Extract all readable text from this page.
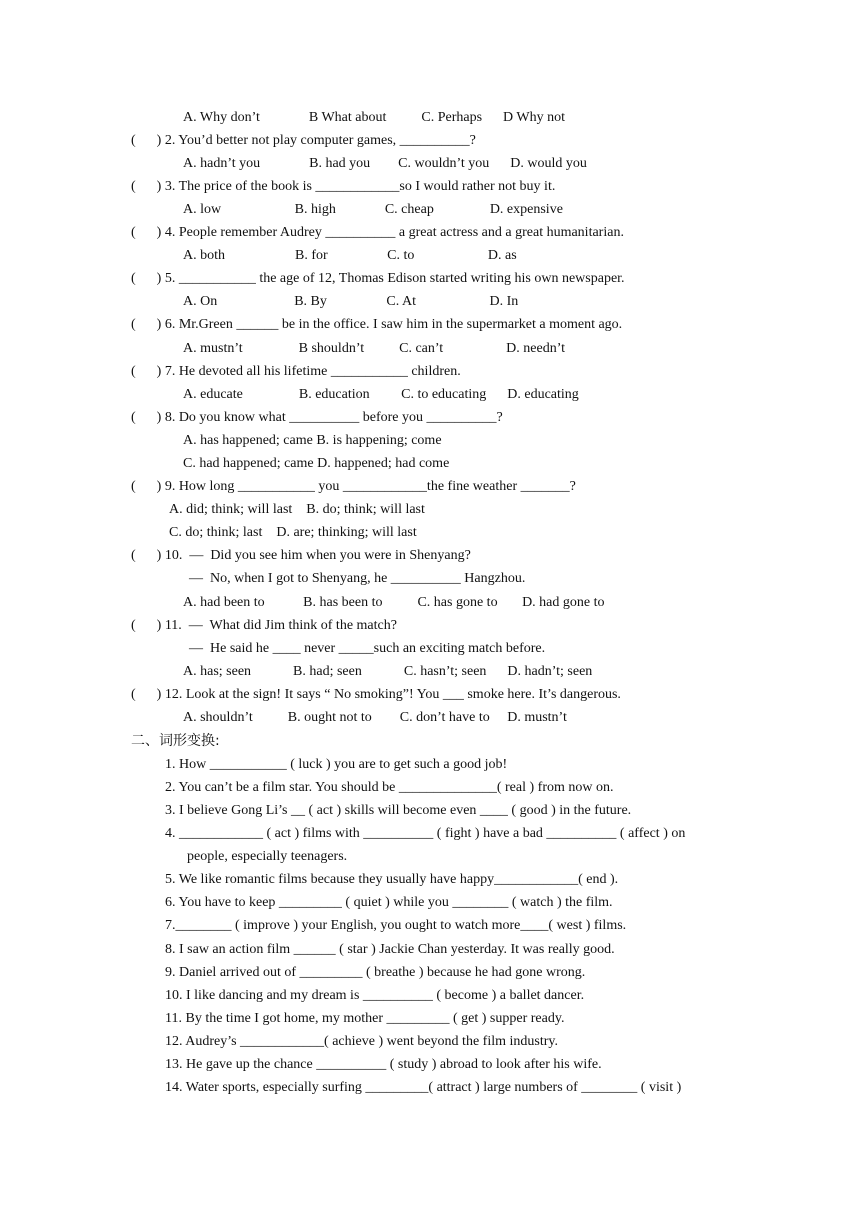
A. Why don’t              B What about          C. Perhaps      D Why not
(      ) 2. You’d better not play computer games, __________?
A. hadn’t you              B. had you        C. wouldn’t you      D. would you
(      ) 3. The price of the book is ____________so I would rather not buy it.
A. low                     B. high              C. cheap                D. expensive
(      ) 4. People remember Audrey __________ a great actress and a great humanitarian.
A. both                    B. for                 C. to                     D. as
(      ) 5. ___________ the age of 12, Thomas Edison started writing his own newspaper.
A. On                      B. By                 C. At                     D. In
(      ) 6. Mr.Green ______ be in the office. I saw him in the supermarket a moment ago.
A. mustn’t                B shouldn’t          C. can’t                  D. needn’t
(      ) 7. He devoted all his lifetime ___________ children.
A. educate                B. education         C. to educating      D. educating
(      ) 8. Do you know what __________ before you __________?
A. has happened; came B. is happening; come
C. had happened; came D. happened; had come
(      ) 9. How long ___________ you ____________the fine weather _______?
A. did; think; will last    B. do; think; will last
C. do; think; last    D. are; thinking; will last
(      ) 10.  —  Did you see him when you were in Shenyang?
—  No, when I got to Shenyang, he __________ Hangzhou.
A. had been to           B. has been to          C. has gone to       D. had gone to
(      ) 11.  —  What did Jim think of the match?
—  He said he ____ never _____such an exciting match before.
A. has; seen            B. had; seen            C. hasn’t; seen      D. hadn’t; seen
(      ) 12. Look at the sign! It says “ No smoking”! You ___ smoke here. It’s dangerous.
A. shouldn’t          B. ought not to        C. don’t have to     D. mustn’t
二、词形变换:
1. How ___________ ( luck ) you are to get such a good job!
2. You can’t be a film star. You should be ______________( real ) from now on.
3. I believe Gong Li’s __ ( act ) skills will become even ____ ( good ) in the future.
4. ____________ ( act ) films with __________ ( fight ) have a bad __________ ( affect ) on
people, especially teenagers.
5. We like romantic films because they usually have happy____________( end ).
6. You have to keep _________ ( quiet ) while you ________ ( watch ) the film.
7.________ ( improve ) your English, you ought to watch more____( west ) films.
8. I saw an action film ______ ( star ) Jackie Chan yesterday. It was really good.
9. Daniel arrived out of _________ ( breathe ) because he had gone wrong.
10. I like dancing and my dream is __________ ( become ) a ballet dancer.
11. By the time I got home, my mother _________ ( get ) supper ready.
12. Audrey’s ____________( achieve ) went beyond the film industry.
13. He gave up the chance __________ ( study ) abroad to look after his wife.
14. Water sports, especially surfing _________( attract ) large numbers of ________ ( visit )
